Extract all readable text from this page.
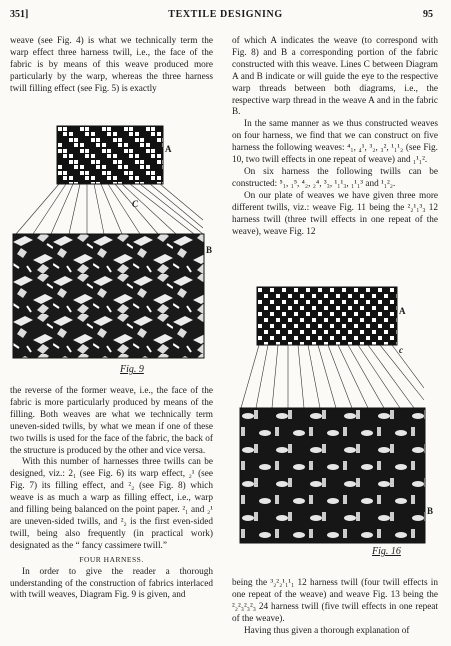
351]	TEXTILE DESIGNING	95

weave (see Fig. 4) is what we technically term the warp effect three harness twill, i.e., the face of the fabric is by means of this weave produced more particularly by the warp, whereas the three harness twill filling effect (see Fig. 5) is exactly

the reverse of the former weave, i.e., the face of the fabric is more particularly produced by means of the filling. Both weaves are what we technically term uneven-sided twills, by what we mean if one of these two twills is used for the face of the fabric, the back of the structure is produced by the other and vice versa.

With this number of harnesses three twills can be designed, viz.: 2₁ (see Fig. 6) its warp effect, ₂¹ (see Fig. 7) its filling effect, and ²₂ (see Fig. 8) which weave is as much a warp as filling effect, i.e., warp and filling being balanced on the point paper. ²₁ and ₂¹ are uneven-sided twills, and ²₂ is the first even-sided twill, being also frequently (in practical work) designated as the “ fancy cassimere twill.”

FOUR HARNESS.

In order to give the reader a thorough understanding of the construction of fabrics interlaced with twill weaves, Diagram Fig. 9 is given, and

of which A indicates the weave (to correspond with Fig. 8) and B a corresponding portion of the fabric constructed with this weave. Lines C between Diagram A and B indicate or will guide the eye to the respective warp threads between both diagrams, i.e., the respective warp thread in the weave A and in the fabric B.

In the same manner as we thus constructed weaves on four harness, we find that we can construct on five harness the following weaves: ⁴₁, ₄¹, ³₂, ₃², ¹₁¹₂ (see Fig. 10, two twill effects in one repeat of weave) and ₁¹₁².

On six harness the following twills can be constructed: ⁵₁, ₁⁵, ⁴₂, ₂⁴, ³₃, ¹₁¹₃, ₁¹₁³ and ¹₁²₂.

On our plate of weaves we have given three more different twills, viz.: weave Fig. 11 being the ²₂¹₁³₃ 12 harness twill (three twill effects in one repeat of the weave), weave Fig. 12

being the ³₂²₂¹₁¹₁ 12 harness twill (four twill effects in one repeat of the weave) and weave Fig. 13 being the ²₂²₃²₃²₃ 24 harness twill (five twill effects in one repeat of the weave).

Having thus given a thorough explanation of

A
C
B
Fig. 9
A
c
B
Fig. 16
